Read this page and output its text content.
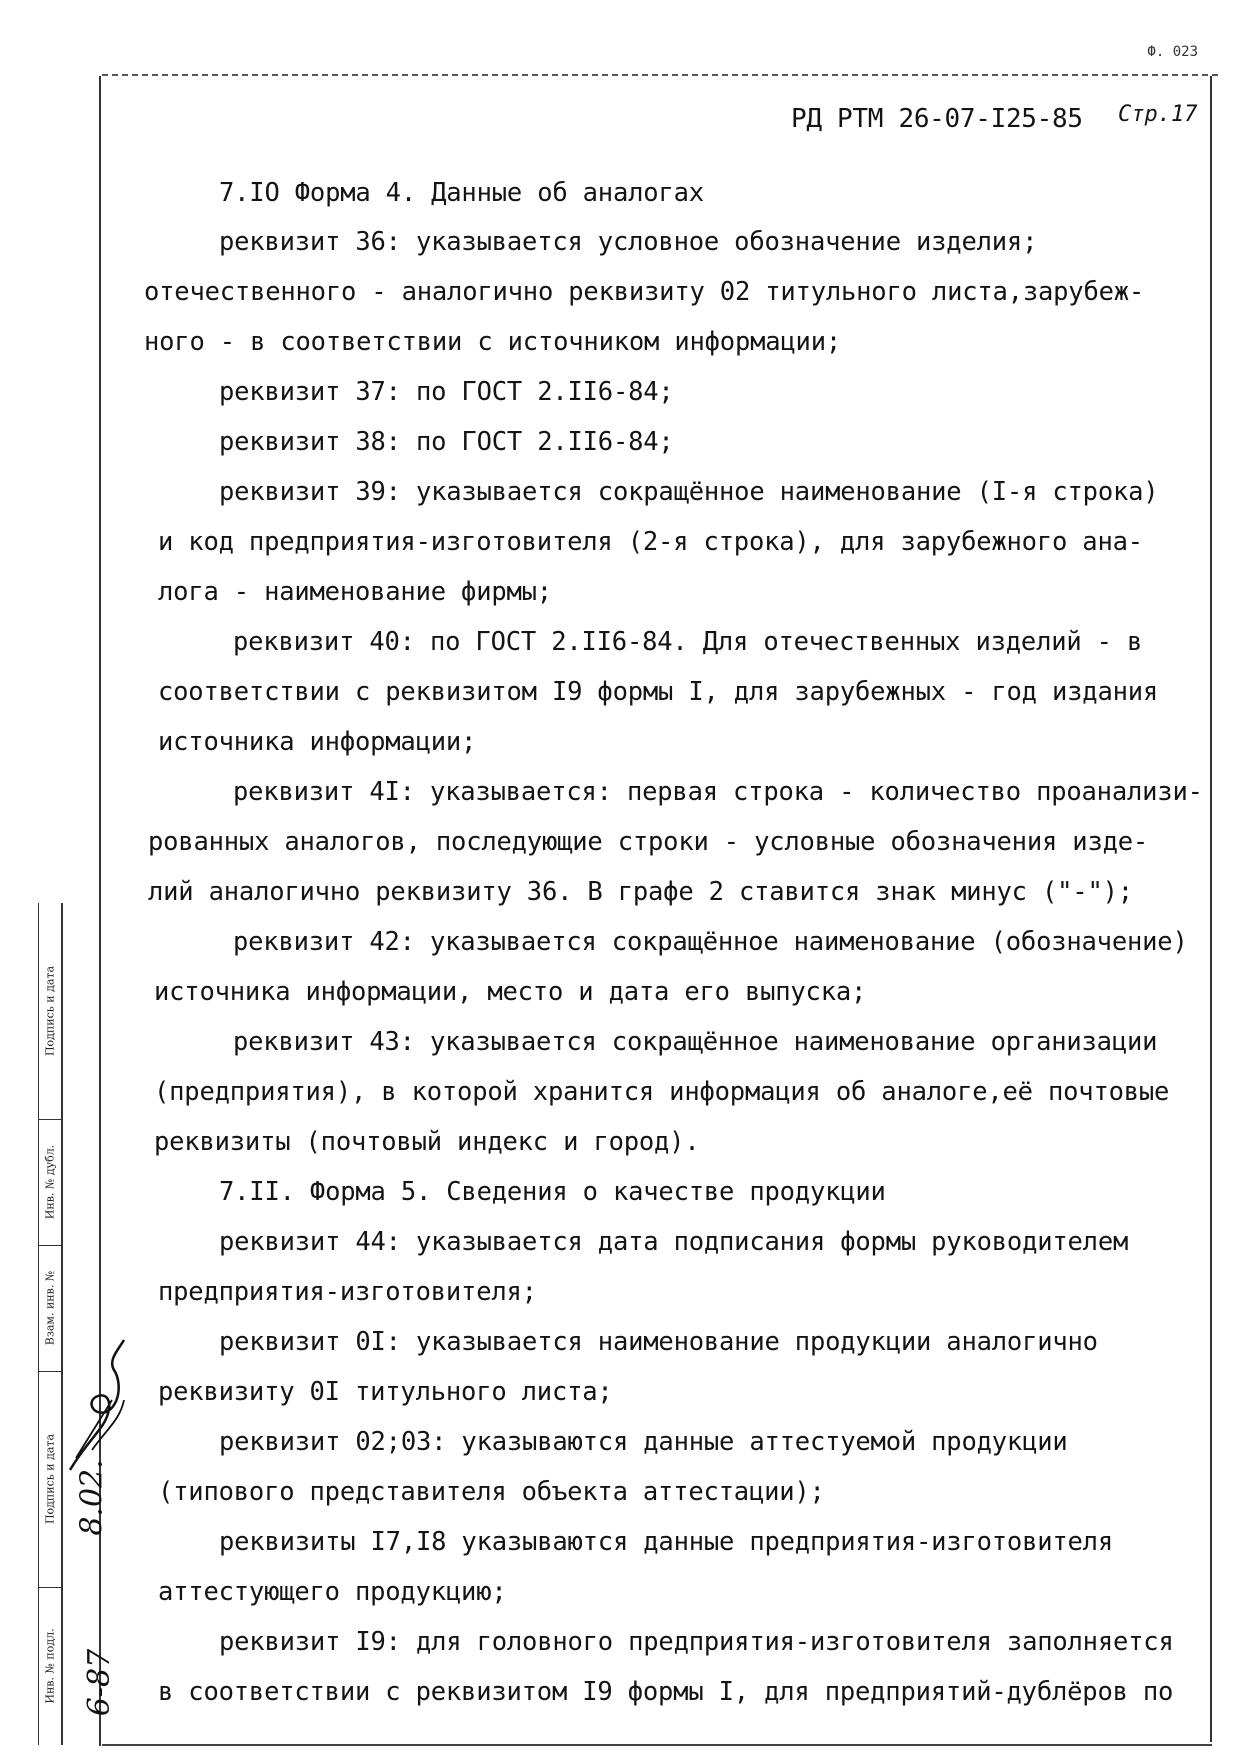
Ф. 023
РД РТМ 26-07-I25-85 Стр.17
7.IO Форма 4. Данные об аналогах
реквизит 36: указывается условное обозначение изделия;
отечественного - аналогично реквизиту 02 титульного листа,зарубеж-
ного - в соответствии с источником информации;
реквизит 37: по ГОСТ 2.II6-84;
реквизит 38: по ГОСТ 2.II6-84;
реквизит 39: указывается сокращённое наименование (I-я строка)
и код предприятия-изготовителя (2-я строка), для зарубежного ана-
лога - наименование фирмы;
реквизит 40: по ГОСТ 2.II6-84. Для отечественных изделий - в
соответствии с реквизитом I9 формы I, для зарубежных - год издания
источника информации;
реквизит 4I: указывается: первая строка - количество проанализи-
рованных аналогов, последующие строки - условные обозначения изде-
лий аналогично реквизиту 36. В графе 2 ставится знак минус ("-");
реквизит 42: указывается сокращённое наименование (обозначение)
источника информации, место и дата его выпуска;
реквизит 43: указывается сокращённое наименование организации
(предприятия), в которой хранится информация об аналоге,её почтовые
реквизиты (почтовый индекс и город).
7.II. Форма 5. Сведения о качестве продукции
реквизит 44: указывается дата подписания формы руководителем
предприятия-изготовителя;
реквизит 0I: указывается наименование продукции аналогично
реквизиту 0I титульного листа;
реквизит 02;03: указываются данные аттестуемой продукции
(типового представителя объекта аттестации);
реквизиты I7,I8 указываются данные предприятия-изготовителя
аттестующего продукцию;
реквизит I9: для головного предприятия-изготовителя заполняется
в соответствии с реквизитом I9 формы I, для предприятий-дублёров по
Подпись и дата
Инв. № дубл.
Взам. инв. №
Подпись и дата
Инв. № подл.
8.02.
6-87
